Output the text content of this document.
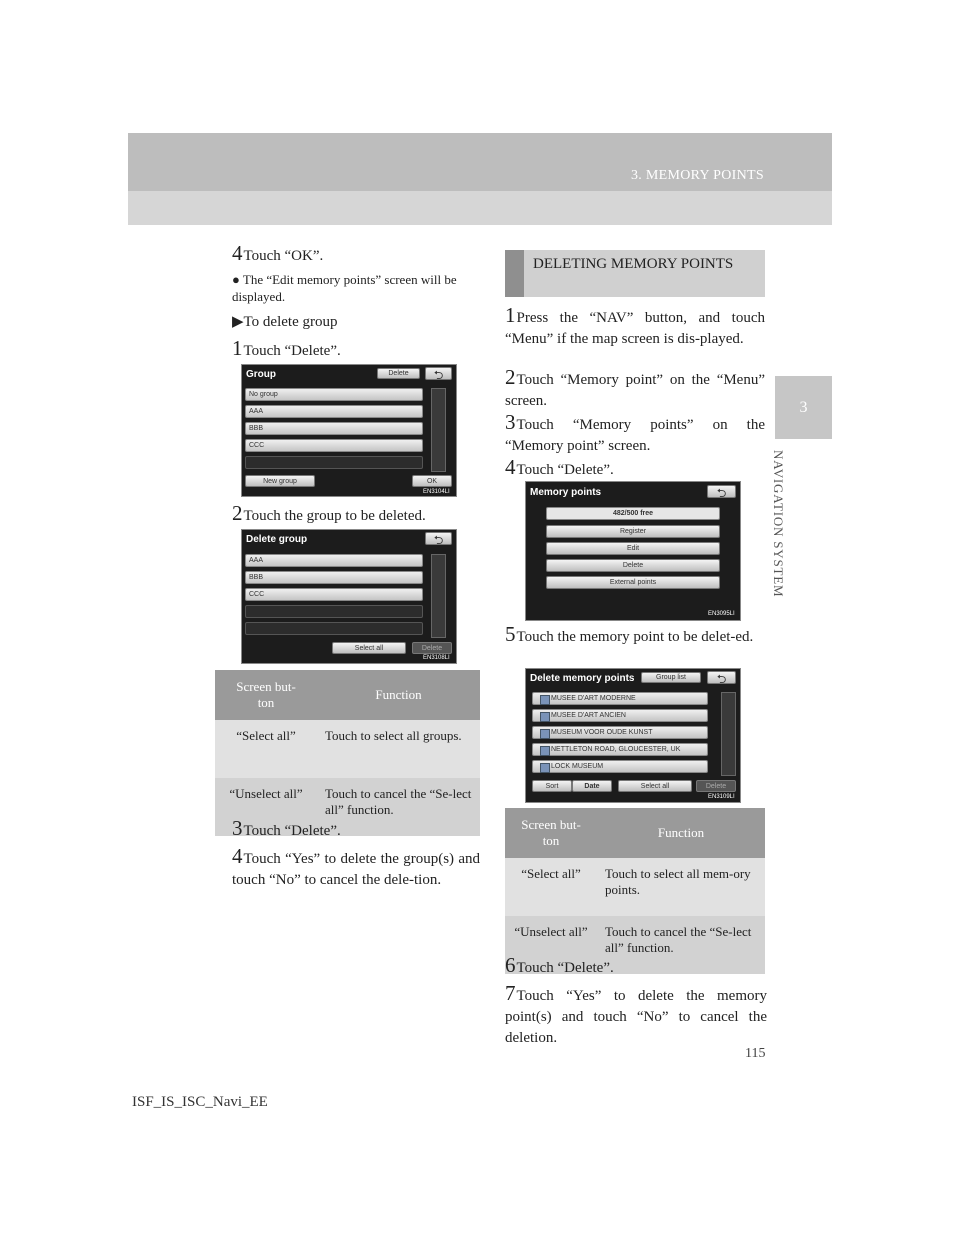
3. MEMORY POINTS
3
NAVIGATION SYSTEM
4Touch “OK”.
● The “Edit memory points” screen will be displayed.
▶To delete group
1Touch “Delete”.
Group	Delete	⮌
No group
AAA
BBB
CCC
New group	OK
EN3104LI
2Touch the group to be deleted.
Delete group	⮌
AAA
BBB
CCC
Select all	Delete
EN3108LI
Screen but-
ton	Function
“Select all”	Touch to select all groups.
“Unselect all”	Touch to cancel the “Se-lect all” function.
3Touch “Delete”.
4Touch “Yes” to delete the group(s) and touch “No” to cancel the dele-tion.
DELETING MEMORY POINTS
1Press the “NAV” button, and touch “Menu” if the map screen is dis-played.
2Touch “Memory point” on the “Menu” screen.
3Touch “Memory points” on the “Memory point” screen.
4Touch “Delete”.
Memory points	⮌
482/500 free
Register
Edit
Delete
External points
EN3095LI
5Touch the memory point to be delet-ed.
Delete memory points	Group list	⮌
MUSEE D'ART MODERNE
MUSEE D'ART ANCIEN
MUSEUM VOOR OUDE KUNST
NETTLETON ROAD, GLOUCESTER, UK
LOCK MUSEUM
Sort	Date	Select all	Delete
EN3109LI
Screen but-
ton	Function
“Select all”	Touch to select all mem-ory points.
“Unselect all”	Touch to cancel the “Se-lect all” function.
6Touch “Delete”.
7Touch “Yes” to delete the memory point(s) and touch “No” to cancel the deletion.
115
ISF_IS_ISC_Navi_EE
